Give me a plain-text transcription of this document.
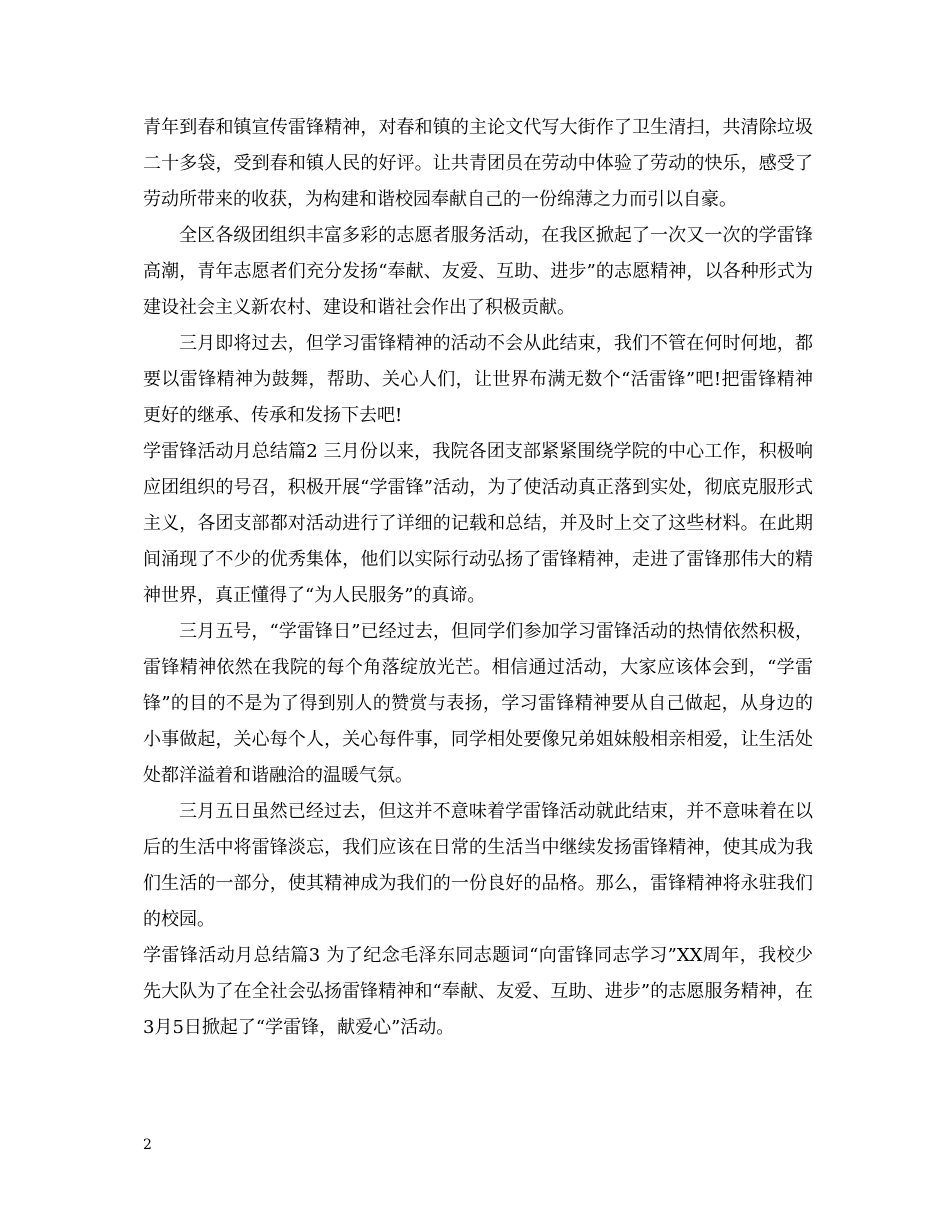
青年到春和镇宣传雷锋精神，对春和镇的主论文代写大街作了卫生清扫，共清除垃圾二十多袋，受到春和镇人民的好评。让共青团员在劳动中体验了劳动的快乐，感受了劳动所带来的收获，为构建和谐校园奉献自己的一份绵薄之力而引以自豪。

全区各级团组织丰富多彩的志愿者服务活动，在我区掀起了一次又一次的学雷锋高潮，青年志愿者们充分发扬“奉献、友爱、互助、进步”的志愿精神，以各种形式为建设社会主义新农村、建设和谐社会作出了积极贡献。

三月即将过去，但学习雷锋精神的活动不会从此结束，我们不管在何时何地，都要以雷锋精神为鼓舞，帮助、关心人们，让世界布满无数个“活雷锋”吧!把雷锋精神更好的继承、传承和发扬下去吧!

学雷锋活动月总结篇2 三月份以来，我院各团支部紧紧围绕学院的中心工作，积极响应团组织的号召，积极开展“学雷锋”活动，为了使活动真正落到实处，彻底克服形式主义，各团支部都对活动进行了详细的记载和总结，并及时上交了这些材料。在此期间涌现了不少的优秀集体，他们以实际行动弘扬了雷锋精神，走进了雷锋那伟大的精神世界，真正懂得了“为人民服务”的真谛。

三月五号，“学雷锋日”已经过去，但同学们参加学习雷锋活动的热情依然积极，雷锋精神依然在我院的每个角落绽放光芒。相信通过活动，大家应该体会到，“学雷锋”的目的不是为了得到别人的赞赏与表扬，学习雷锋精神要从自己做起，从身边的小事做起，关心每个人，关心每件事，同学相处要像兄弟姐妹般相亲相爱，让生活处处都洋溢着和谐融洽的温暖气氛。

三月五日虽然已经过去，但这并不意味着学雷锋活动就此结束，并不意味着在以后的生活中将雷锋淡忘，我们应该在日常的生活当中继续发扬雷锋精神，使其成为我们生活的一部分，使其精神成为我们的一份良好的品格。那么，雷锋精神将永驻我们的校园。

学雷锋活动月总结篇3 为了纪念毛泽东同志题词“向雷锋同志学习”XX周年，我校少先大队为了在全社会弘扬雷锋精神和“奉献、友爱、互助、进步”的志愿服务精神，在3月5日掀起了“学雷锋，献爱心”活动。

2
